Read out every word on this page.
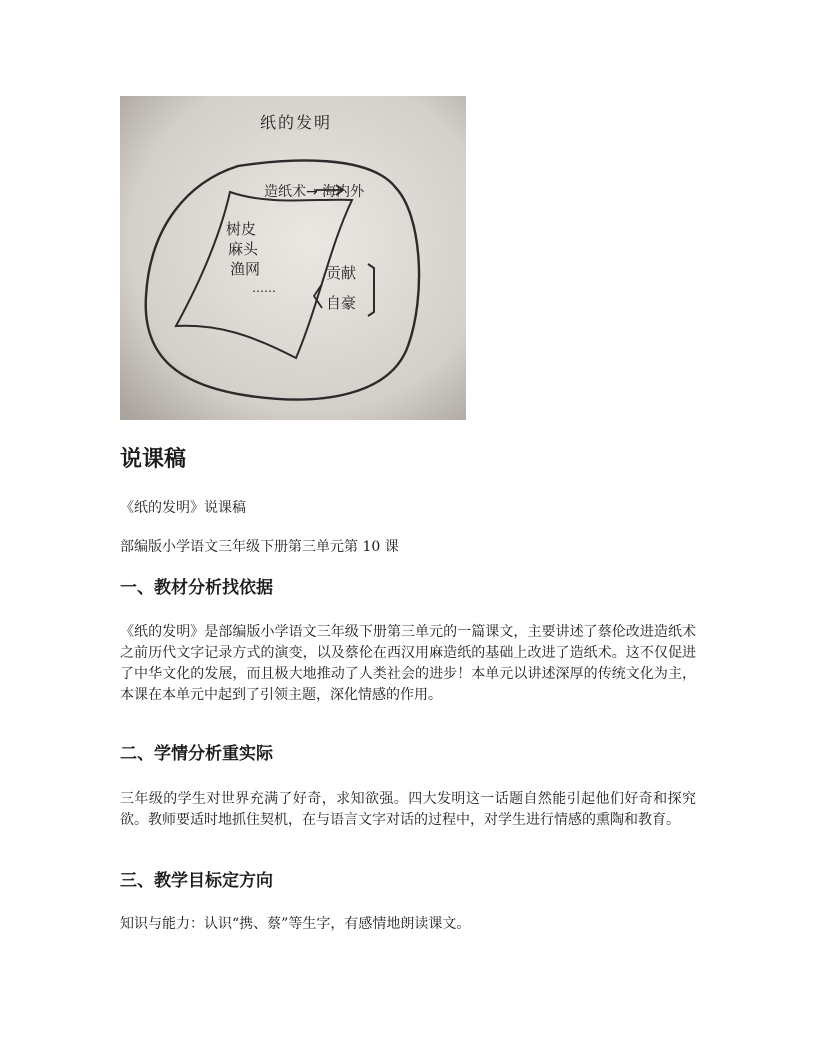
纸的发明
造纸术→ 海内外
树皮
麻头
渔网
……
贡献
自豪
说课稿

《纸的发明》说课稿

部编版小学语文三年级下册第三单元第 10 课

一、教材分析找依据

《纸的发明》是部编版小学语文三年级下册第三单元的一篇课文，主要讲述了蔡伦改进造纸术之前历代文字记录方式的演变，以及蔡伦在西汉用麻造纸的基础上改进了造纸术。这不仅促进了中华文化的发展，而且极大地推动了人类社会的进步！本单元以讲述深厚的传统文化为主，本课在本单元中起到了引领主题，深化情感的作用。

二、学情分析重实际

三年级的学生对世界充满了好奇，求知欲强。四大发明这一话题自然能引起他们好奇和探究欲。教师要适时地抓住契机，在与语言文字对话的过程中，对学生进行情感的熏陶和教育。

三、教学目标定方向

知识与能力：认识“携、蔡”等生字，有感情地朗读课文。
